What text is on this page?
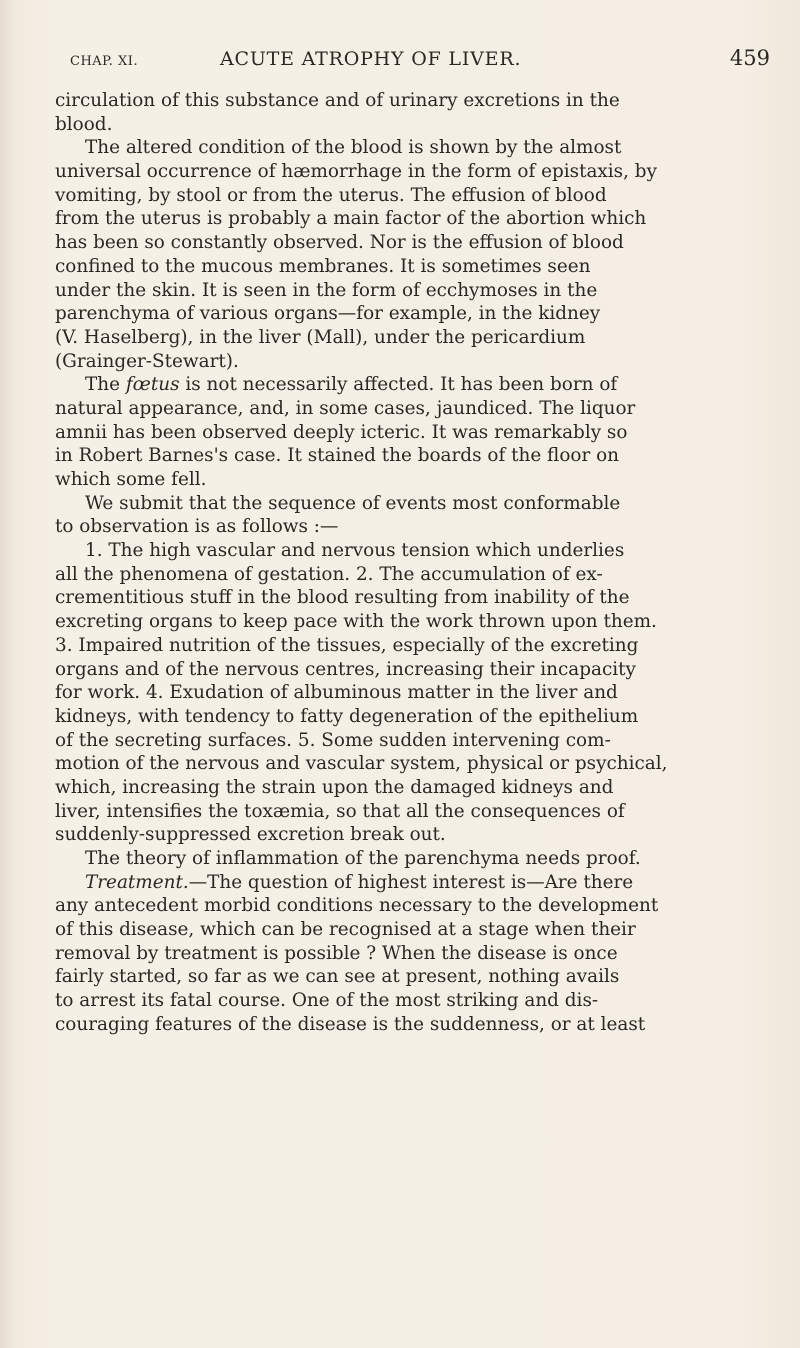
CHAP. XI.	ACUTE ATROPHY OF LIVER.	459
circulation of this substance and of urinary excretions in the
blood.
The altered condition of the blood is shown by the almost
universal occurrence of hæmorrhage in the form of epistaxis, by
vomiting, by stool or from the uterus. The effusion of blood
from the uterus is probably a main factor of the abortion which
has been so constantly observed. Nor is the effusion of blood
confined to the mucous membranes. It is sometimes seen
under the skin. It is seen in the form of ecchymoses in the
parenchyma of various organs—for example, in the kidney
(V. Haselberg), in the liver (Mall), under the pericardium
(Grainger-Stewart).
The fœtus is not necessarily affected. It has been born of
natural appearance, and, in some cases, jaundiced. The liquor
amnii has been observed deeply icteric. It was remarkably so
in Robert Barnes's case. It stained the boards of the floor on
which some fell.
We submit that the sequence of events most conformable
to observation is as follows :—
1. The high vascular and nervous tension which underlies
all the phenomena of gestation. 2. The accumulation of ex-
crementitious stuff in the blood resulting from inability of the
excreting organs to keep pace with the work thrown upon them.
3. Impaired nutrition of the tissues, especially of the excreting
organs and of the nervous centres, increasing their incapacity
for work. 4. Exudation of albuminous matter in the liver and
kidneys, with tendency to fatty degeneration of the epithelium
of the secreting surfaces. 5. Some sudden intervening com-
motion of the nervous and vascular system, physical or psychical,
which, increasing the strain upon the damaged kidneys and
liver, intensifies the toxæmia, so that all the consequences of
suddenly-suppressed excretion break out.
The theory of inflammation of the parenchyma needs proof.
Treatment.—The question of highest interest is—Are there
any antecedent morbid conditions necessary to the development
of this disease, which can be recognised at a stage when their
removal by treatment is possible ? When the disease is once
fairly started, so far as we can see at present, nothing avails
to arrest its fatal course. One of the most striking and dis-
couraging features of the disease is the suddenness, or at least
